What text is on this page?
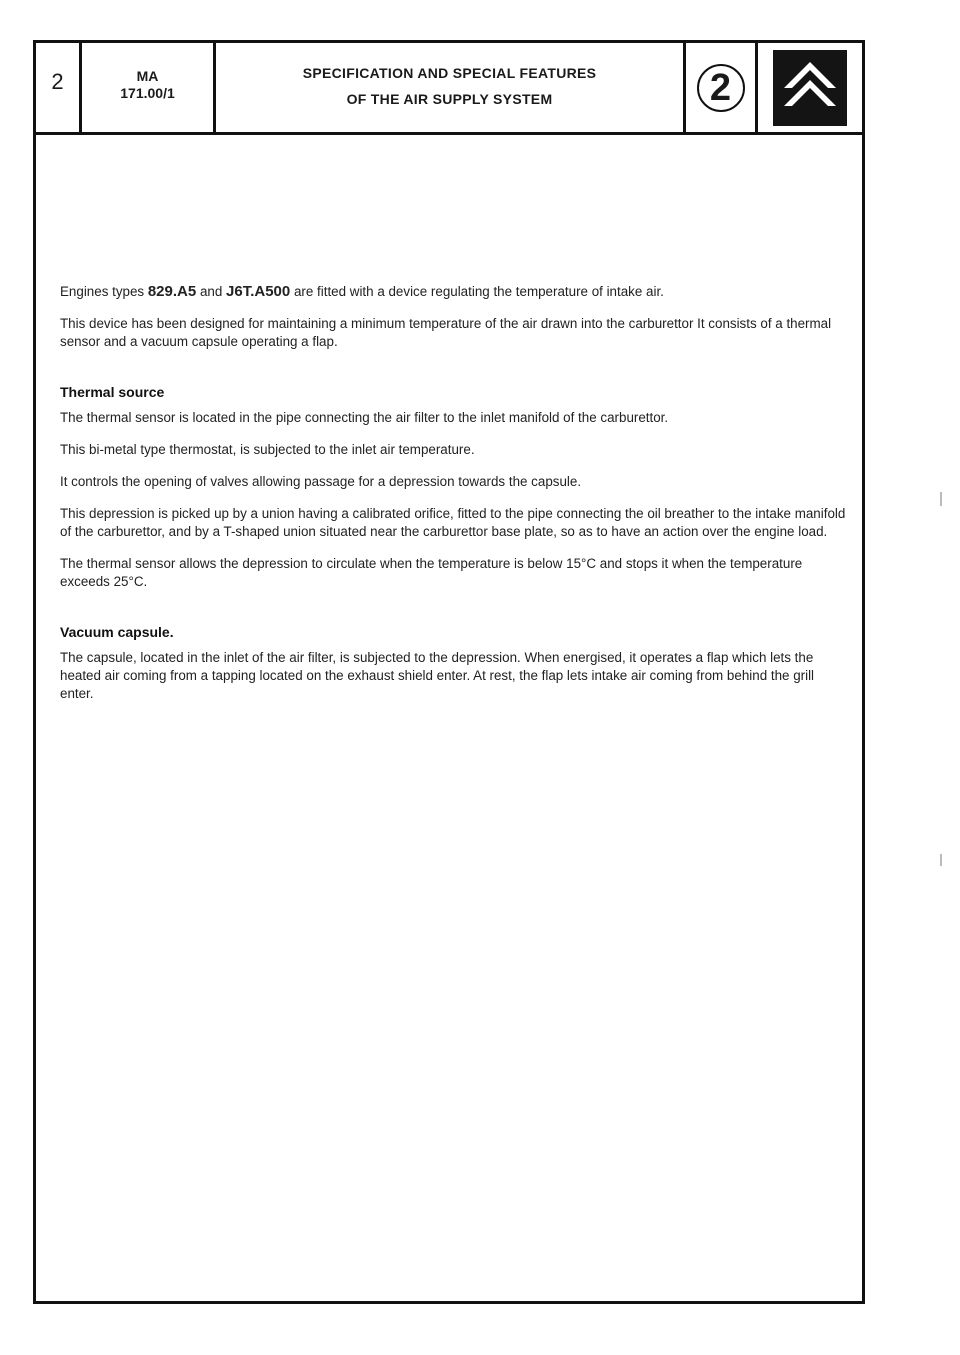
2	MA
171.00/1
SPECIFICATION AND SPECIAL FEATURES
OF THE AIR SUPPLY SYSTEM	2

Engines types 829.A5 and J6T.A500 are fitted with a device regulating the temperature of intake air.

This device has been designed for maintaining a minimum temperature of the air drawn into the carburettor It consists of a thermal sensor and a vacuum capsule operating a flap.

Thermal source

The thermal sensor is located in the pipe connecting the air filter to the inlet manifold of the carburettor.

This bi-metal type thermostat, is subjected to the inlet air temperature.

It controls the opening of valves allowing passage for a depression towards the capsule.

This depression is picked up by a union having a calibrated orifice, fitted to the pipe connecting the oil breather to the intake manifold of the carburettor, and by a T-shaped union situated near the carburettor base plate, so as to have an action over the engine load.

The thermal sensor allows the depression to circulate when the temperature is below 15°C and stops it when the temperature exceeds 25°C.

Vacuum capsule.

The capsule, located in the inlet of the air filter, is subjected to the depression. When energised, it operates a flap which lets the heated air coming from a tapping located on the exhaust shield enter. At rest, the flap lets intake air coming from behind the grill enter.
